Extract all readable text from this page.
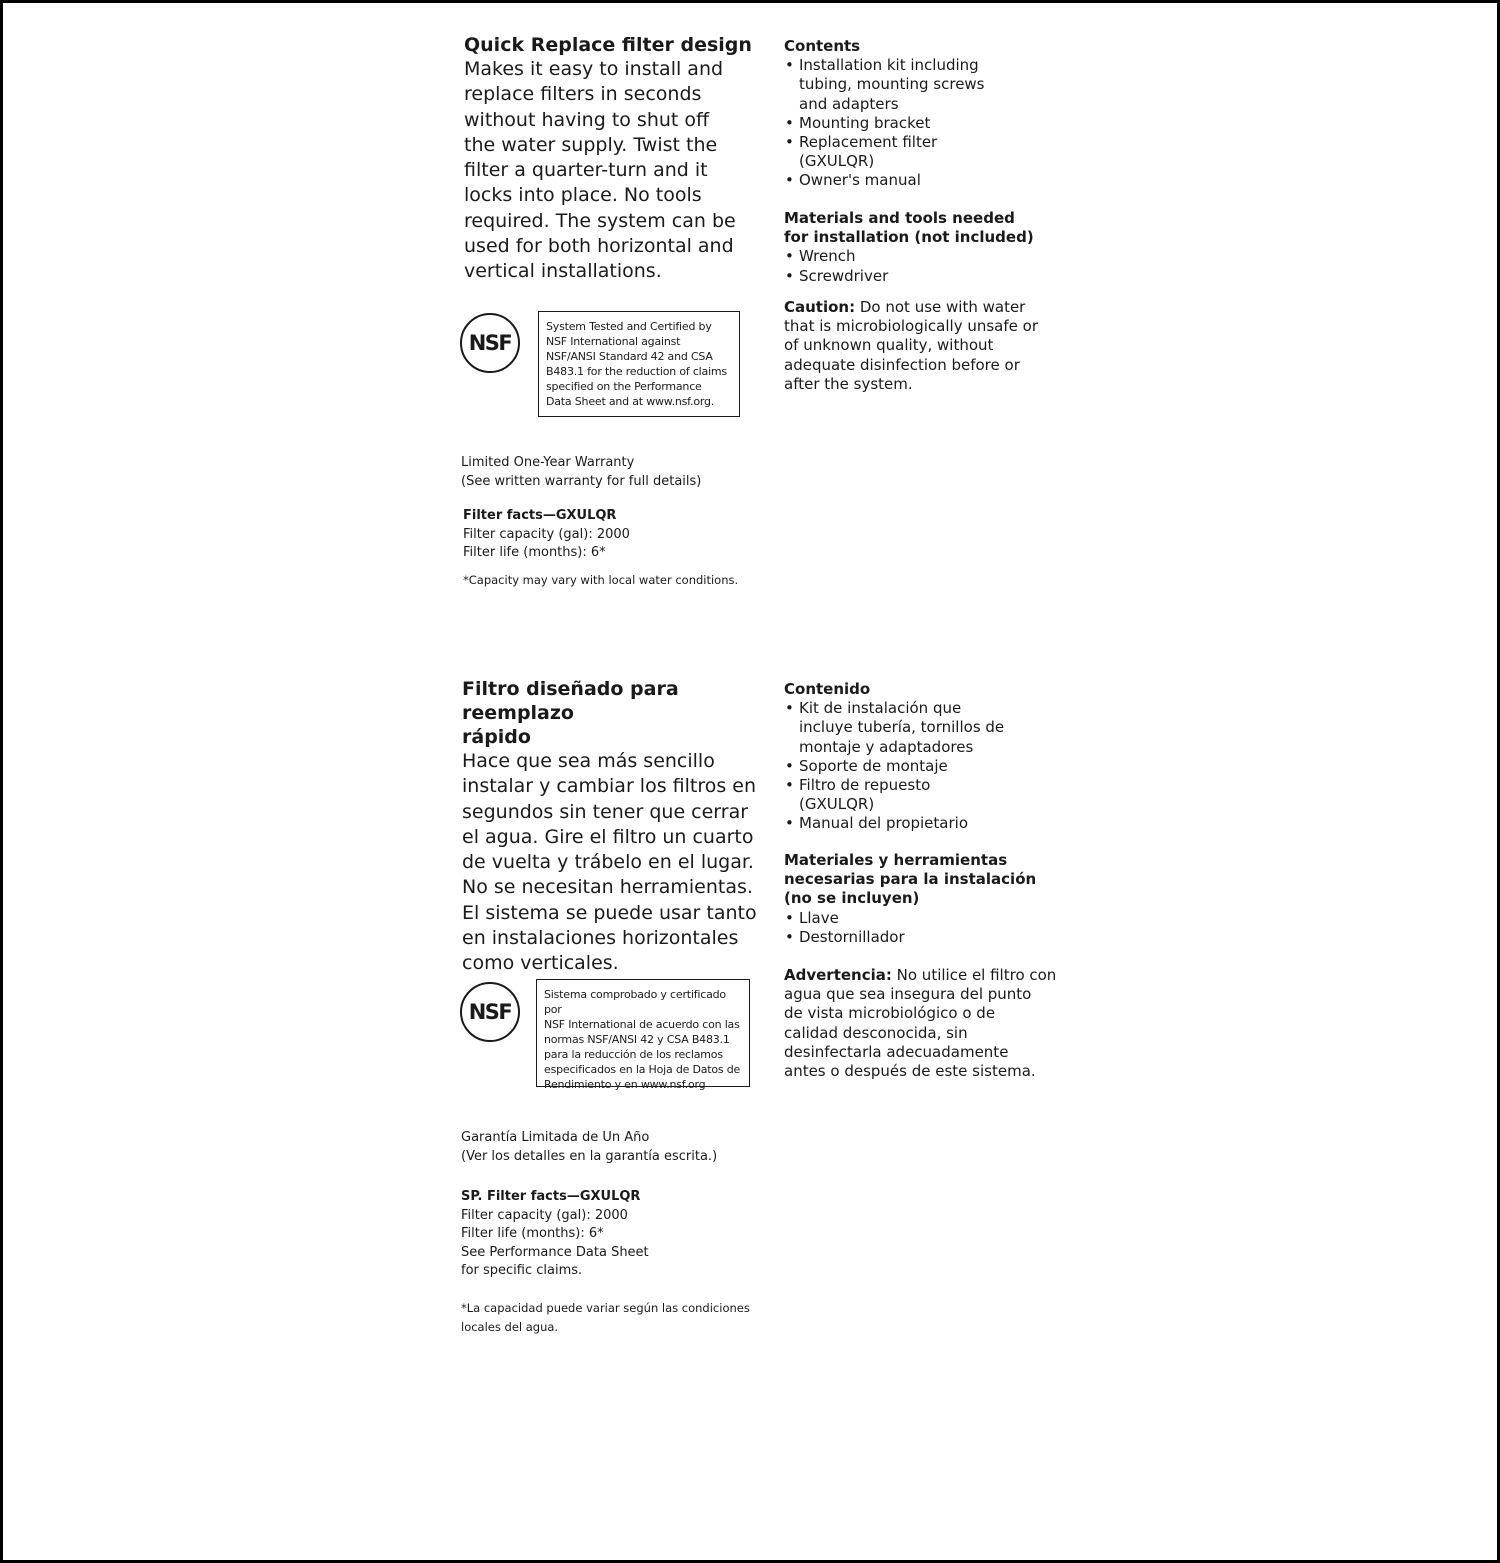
Quick Replace filter design

Makes it easy to install and
replace filters in seconds
without having to shut off
the water supply. Twist the
filter a quarter-turn and it
locks into place. No tools
required. The system can be
used for both horizontal and
vertical installations.
NSF
System Tested and Certified by
NSF International against
NSF/ANSI Standard 42 and CSA
B483.1 for the reduction of claims
specified on the Performance
Data Sheet and at www.nsf.org.
Limited One-Year Warranty
(See written warranty for full details)

Filter facts—GXULQR

Filter capacity (gal): 2000
Filter life (months): 6*
*Capacity may vary with local water conditions.

Contents

• Installation kit including
tubing, mounting screws
and adapters
• Mounting bracket
• Replacement filter
(GXULQR)
• Owner's manual
Materials and tools needed
for installation (not included)
• Wrench
• Screwdriver
Caution: Do not use with water
that is microbiologically unsafe or
of unknown quality, without
adequate disinfection before or
after the system.
Filtro diseñado para reemplazo
rápido
Hace que sea más sencillo
instalar y cambiar los filtros en
segundos sin tener que cerrar
el agua. Gire el filtro un cuarto
de vuelta y trábelo en el lugar.
No se necesitan herramientas.
El sistema se puede usar tanto
en instalaciones horizontales
como verticales.
NSF
Sistema comprobado y certificado por
NSF International de acuerdo con las
normas NSF/ANSI 42 y CSA B483.1
para la reducción de los reclamos
especificados en la Hoja de Datos de
Rendimiento y en www.nsf.org
Garantía Limitada de Un Año
(Ver los detalles en la garantía escrita.)

SP. Filter facts—GXULQR

Filter capacity (gal): 2000
Filter life (months): 6*
See Performance Data Sheet
for specific claims.
*La capacidad puede variar según las condiciones
locales del agua.

Contenido

• Kit de instalación que
incluye tubería, tornillos de
montaje y adaptadores
• Soporte de montaje
• Filtro de repuesto
(GXULQR)
• Manual del propietario
Materiales y herramientas
necesarias para la instalación
(no se incluyen)
• Llave
• Destornillador
Advertencia: No utilice el filtro con
agua que sea insegura del punto
de vista microbiológico o de
calidad desconocida, sin
desinfectarla adecuadamente
antes o después de este sistema.
